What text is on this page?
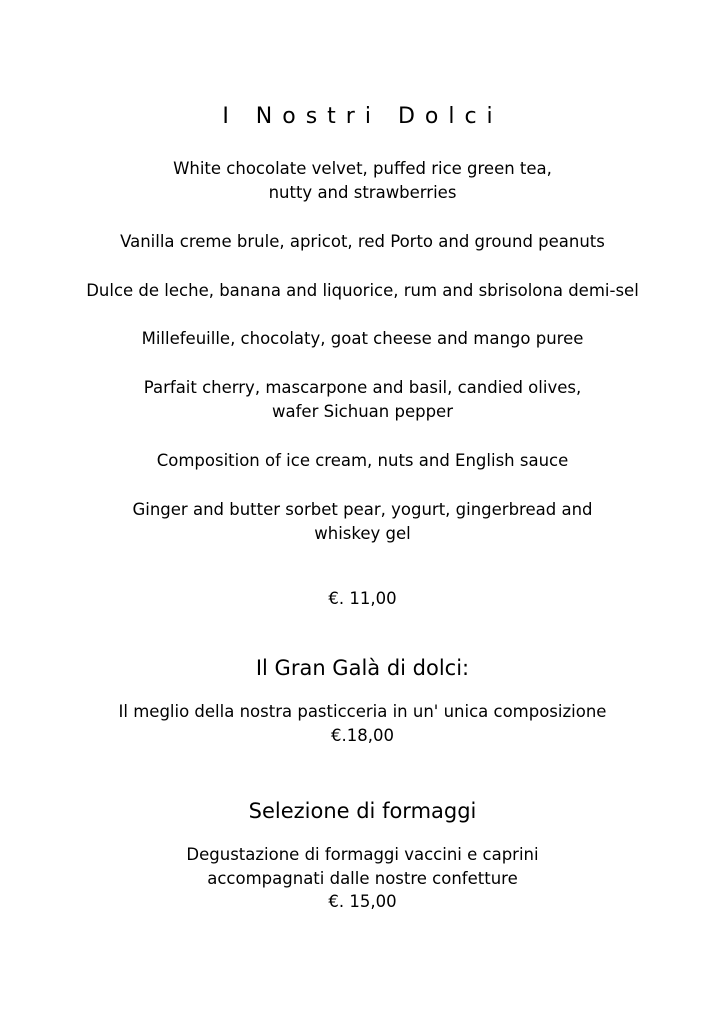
I Nostri Dolci
White chocolate velvet, puffed rice green tea,
nutty and strawberries
Vanilla creme brule, apricot, red Porto and ground peanuts
Dulce de leche, banana and liquorice, rum and sbrisolona demi-sel
Millefeuille, chocolaty, goat cheese and mango puree
Parfait cherry, mascarpone and basil, candied olives,
wafer Sichuan pepper
Composition of ice cream, nuts and English sauce
Ginger and butter sorbet pear, yogurt, gingerbread and
whiskey gel
€. 11,00
Il Gran Galà di dolci:
Il meglio della nostra pasticceria in un' unica composizione
€.18,00
Selezione di formaggi
Degustazione di formaggi vaccini e caprini
accompagnati dalle nostre confetture
€. 15,00
